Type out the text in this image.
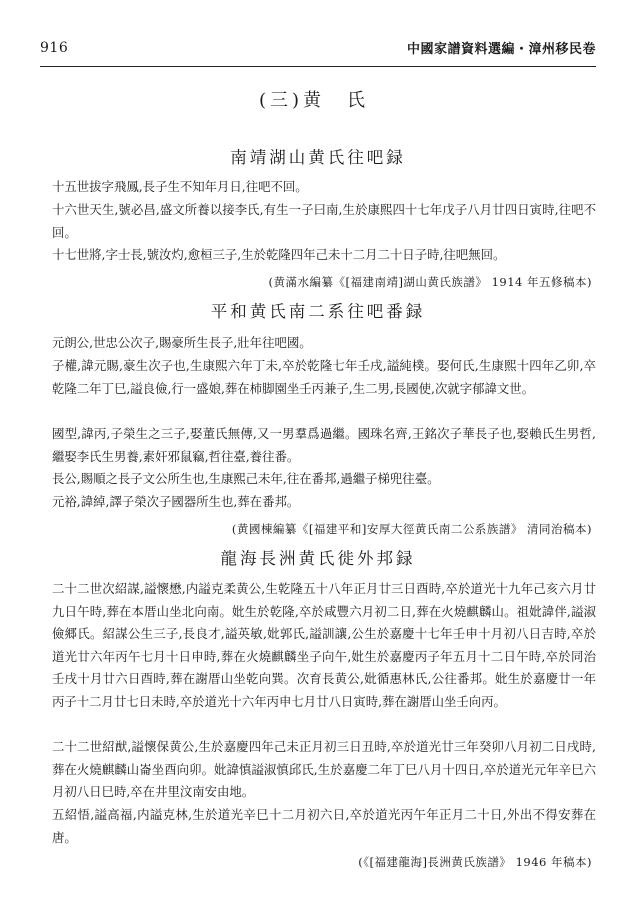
916	中國家譜資料選編・漳州移民卷
(三)黄　氏
南靖湖山黄氏往吧録
十五世拔字飛鳳,長子生不知年月日,往吧不回。
十六世天生,號必昌,盛文所養以接李氏,有生一子曰南,生於康熙四十七年戊子八月廿四日寅時,往吧不回。
十七世將,字士長,號汝灼,愈桓三子,生於乾隆四年己未十二月二十日子時,往吧無回。
(黄滿水編纂《[福建南靖]湖山黄氏族譜》 1914 年五修稿本)
平和黄氏南二系往吧番録
元朗公,世忠公次子,賜豪所生長子,壯年往吧國。
子權,諱元賜,豪生次子也,生康熙六年丁未,卒於乾隆七年壬戌,謚純樸。娶何氏,生康熙十四年乙卯,卒乾隆二年丁巳,謚良儉,行一盛娘,葬在柿脚園坐壬丙兼子,生二男,長國使,次就字郁諱文世。
國型,諱丙,子榮生之三子,娶董氏無傳,又一男羣爲過繼。國珠名齊,王銘次子華長子也,娶賴氏生男哲,繼娶李氏生男養,素奸邪鼠竊,哲往臺,養往番。
長公,賜順之長子文公所生也,生康熙己未年,往在番邦,過繼子梯兜往臺。
元裕,諱綽,譯子榮次子國器所生也,葬在番邦。
(黄國棟編纂《[福建平和]安厚大徑黄氏南二公系族譜》 清同治稿本)
龍海長洲黄氏徙外邦録
二十二世次紹謀,謚懷懋,内謚克柔黄公,生乾隆五十八年正月廿三日酉時,卒於道光十九年己亥六月廿九日午時,葬在本厝山坐北向南。妣生於乾隆,卒於咸豐六月初二日,葬在火燒麒麟山。祖妣諱伴,謚淑儉郷氏。紹謀公生三子,長良才,謚英敏,妣郭氏,謚訓讓,公生於嘉慶十七年壬申十月初八日吉時,卒於道光廿六年丙午七月十日申時,葬在火燒麒麟坐子向午,妣生於嘉慶丙子年五月十二日午時,卒於同治壬戌十月廿六日酉時,葬在謝厝山坐乾向巽。次育長黄公,妣循惠林氏,公往番邦。妣生於嘉慶廿一年丙子十二月廿七日未時,卒於道光十六年丙申七月廿八日寅時,葬在謝厝山坐壬向丙。
二十二世紹猷,謚懷保黄公,生於嘉慶四年己未正月初三日丑時,卒於道光廿三年癸卯八月初二日戌時,葬在火燒麒麟山崙坐酉向卯。妣諱慎謚淑慎邱氏,生於嘉慶二年丁巳八月十四日,卒於道光元年辛巳六月初八日巳時,卒在井里汶南安由地。
五紹悟,謚高福,内謚克林,生於道光辛巳十二月初六日,卒於道光丙午年正月二十日,外出不得安葬在唐。
(《[福建龍海]長洲黄氏族譜》 1946 年稿本)
